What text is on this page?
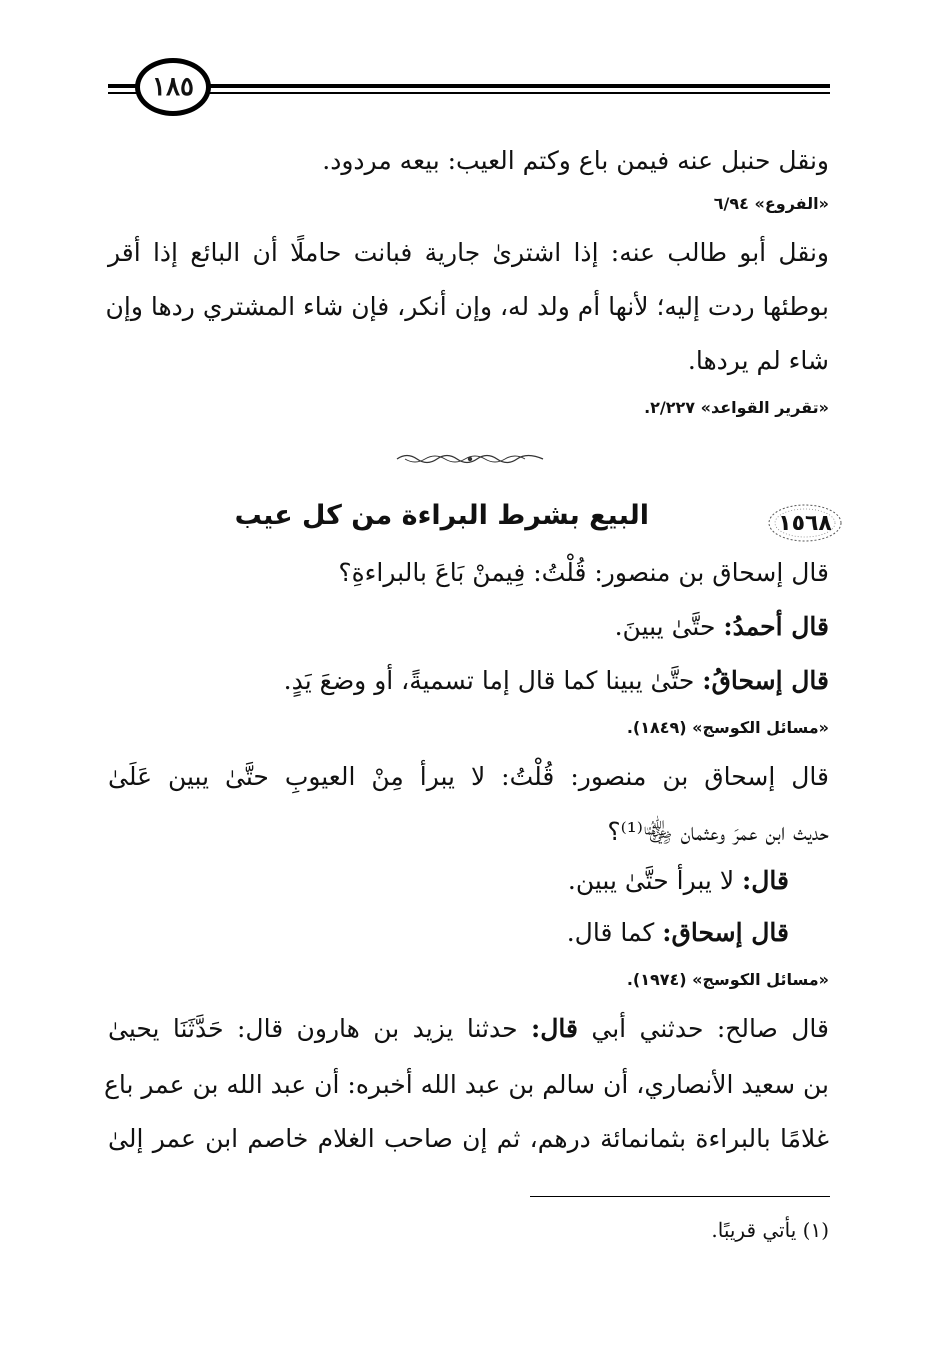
١٨٥
ونقل حنبل عنه فيمن باع وكتم العيب: بيعه مردود.
«الفروع» ٦/٩٤
ونقل أبو طالب عنه: إذا اشترىٰ جارية فبانت حاملًا أن البائع إذا أقر
بوطئها ردت إليه؛ لأنها أم ولد له، وإن أنكر، فإن شاء المشتري ردها وإن
شاء لم يردها.
«تقرير القواعد» ٢/٢٢٧.
١٥٦٨
البيع بشرط البراءة من كل عيب
قال إسحاق بن منصور: قُلْتُ: فِيمنْ بَاعَ بالبراءةِ؟
قال أحمدُ: حتَّىٰ يبينَ.
قال إسحاقُ: حتَّىٰ يبينا كما قال إما تسميةً، أو وضعَ يَدٍ.
«مسائل الكوسج» (١٨٤٩).
قال إسحاق بن منصور: قُلْتُ: لا يبرأ مِنْ العيوبِ حتَّىٰ يبين عَلَىٰ
حديث ابن عمرَ وعثمان ﵄⁽¹⁾؟
قال: لا يبرأ حتَّىٰ يبين.
قال إسحاق: كما قال.
«مسائل الكوسج» (١٩٧٤).
قال صالح: حدثني أبي قال: حدثنا يزيد بن هارون قال: حَدَّثَنَا يحيىٰ
بن سعيد الأنصاري، أن سالم بن عبد الله أخبره: أن عبد الله بن عمر باع
غلامًا بالبراءة بثمانمائة درهم، ثم إن صاحب الغلام خاصم ابن عمر إلىٰ
(١) يأتي قريبًا.
